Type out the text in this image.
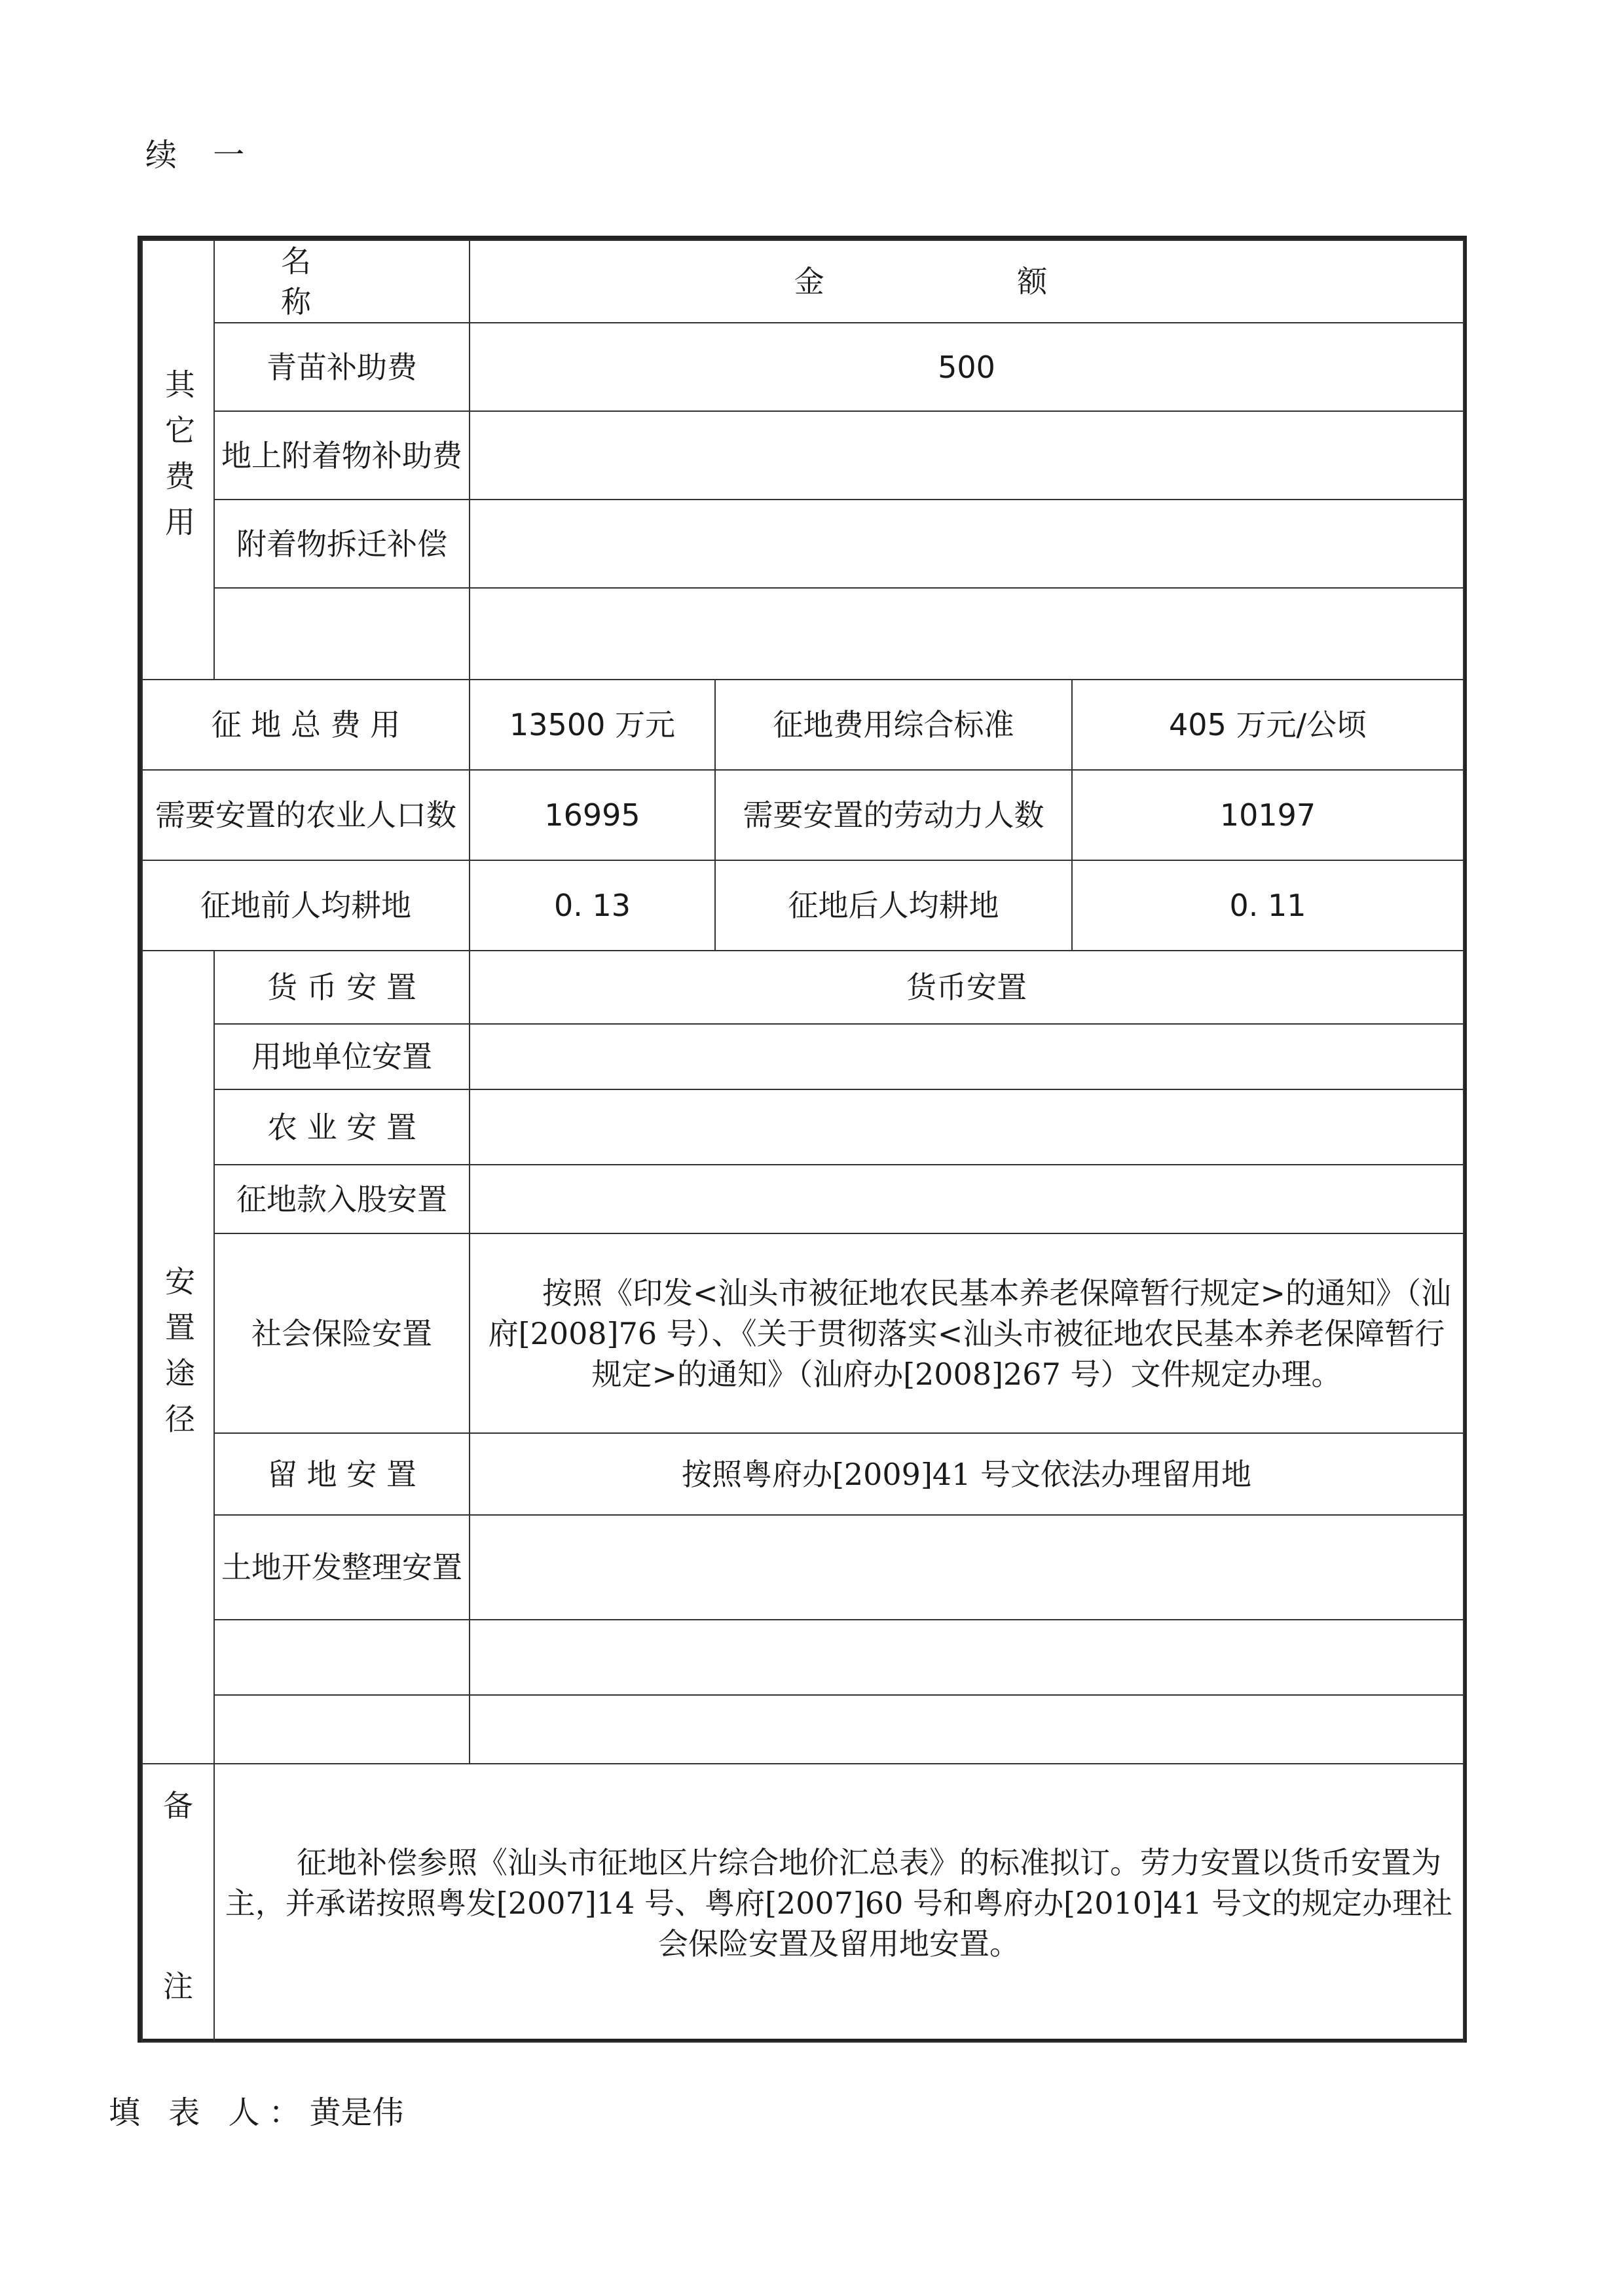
续 一
其它费用	名 称	金 额		
	青苗补助费	500		
	地上附着物补助费			
	附着物拆迁补偿			

征 地 总 费 用		13500 万元	征地费用综合标准	405 万元/公顷
需要安置的农业人口数		16995	需要安置的劳动力人数	10197
征地前人均耕地		0. 13	征地后人均耕地	0. 11
安置途径	货 币 安 置	货币安置		
	用地单位安置			
	农 业 安 置			
	征地款入股安置			
	社会保险安置	按照《印发<汕头市被征地农民基本养老保障暂行规定>的通知》（汕府[2008]76 号）、《关于贯彻落实<汕头市被征地农民基本养老保障暂行规定>的通知》（汕府办[2008]267 号）文件规定办理。		
	留 地 安 置	按照粤府办[2009]41 号文依法办理留用地		
	土地开发整理安置			

备
注	征地补偿参照《汕头市征地区片综合地价汇总表》的标准拟订。劳力安置以货币安置为主，并承诺按照粤发[2007]14 号、粤府[2007]60 号和粤府办[2010]41 号文的规定办理社会保险安置及留用地安置。			
填 表 人：黄是伟
